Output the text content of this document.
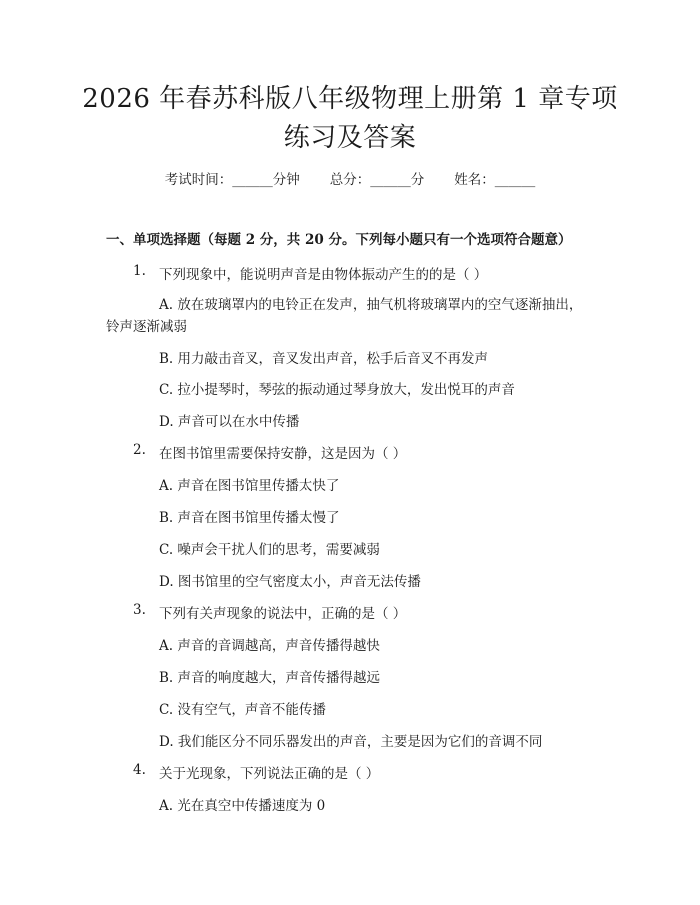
2026 年春苏科版八年级物理上册第 1 章专项
练习及答案
考试时间：______分钟 总分：______分 姓名：______
一、单项选择题（每题 2 分，共 20 分。下列每小题只有一个选项符合题意）
1. 下列现象中，能说明声音是由物体振动产生的的是（ ）
A. 放在玻璃罩内的电铃正在发声，抽气机将玻璃罩内的空气逐渐抽出，
铃声逐渐减弱
B. 用力敲击音叉，音叉发出声音，松手后音叉不再发声
C. 拉小提琴时，琴弦的振动通过琴身放大，发出悦耳的声音
D. 声音可以在水中传播
2. 在图书馆里需要保持安静，这是因为（ ）
A. 声音在图书馆里传播太快了
B. 声音在图书馆里传播太慢了
C. 噪声会干扰人们的思考，需要减弱
D. 图书馆里的空气密度太小，声音无法传播
3. 下列有关声现象的说法中，正确的是（ ）
A. 声音的音调越高，声音传播得越快
B. 声音的响度越大，声音传播得越远
C. 没有空气，声音不能传播
D. 我们能区分不同乐器发出的声音，主要是因为它们的音调不同
4. 关于光现象，下列说法正确的是（ ）
A. 光在真空中传播速度为 0
